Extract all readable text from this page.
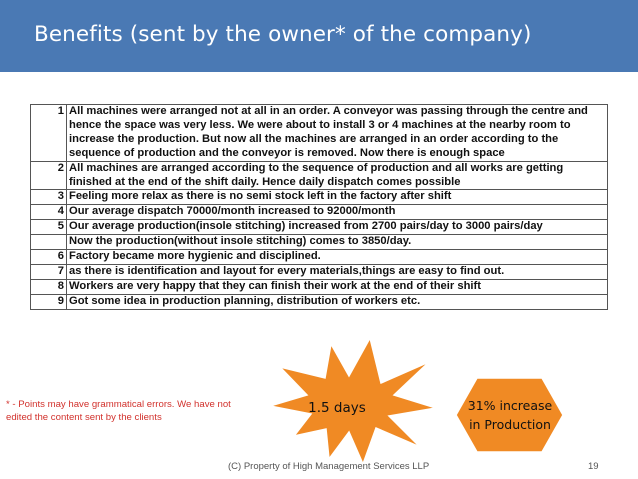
Benefits (sent by the owner* of the company)
1	All machines were arranged not at all in an order. A conveyor was passing through the centre and hence the space was very less. We were about to install 3 or 4 machines at the nearby room to increase the production. But now all the machines are arranged in an order according to the sequence of production and the conveyor is removed. Now there is enough space
2	All machines are arranged according to the sequence of production and all works are getting finished at the end of the shift daily. Hence daily dispatch comes possible
3	Feeling more relax as there is no semi stock left in the factory after shift
4	Our average dispatch 70000/month increased to 92000/month
5	Our average production(insole stitching) increased from 2700 pairs/day to 3000 pairs/day
	Now the production(without insole stitching) comes to 3850/day.
6	Factory became more hygienic and disciplined.
7	as there is identification and layout for every materials,things are easy to find out.
8	Workers are very happy that they can finish their work at the end of their shift
9	Got some idea in production planning, distribution of workers etc.
* - Points may have grammatical errors. We have not edited the content sent by the clients
1.5 days	31% increase in Production
(C) Property of High Management Services LLP	19
